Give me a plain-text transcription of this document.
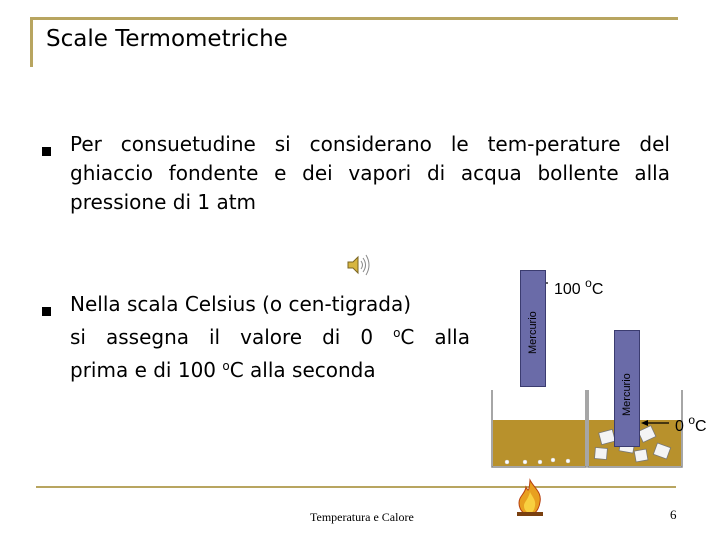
Scale Termometriche
Per consuetudine si considerano le tem-perature del ghiaccio fondente e dei vapori di acqua bollente alla pressione di 1 atm
Nella scala Celsius (o cen-tigrada)
si assegna il valore di 0 $^o$C alla
prima e di 100 $^o$C alla seconda
Mercurio
Mercurio
100 $^o$C
0 $^o$C
Temperatura e Calore	6
